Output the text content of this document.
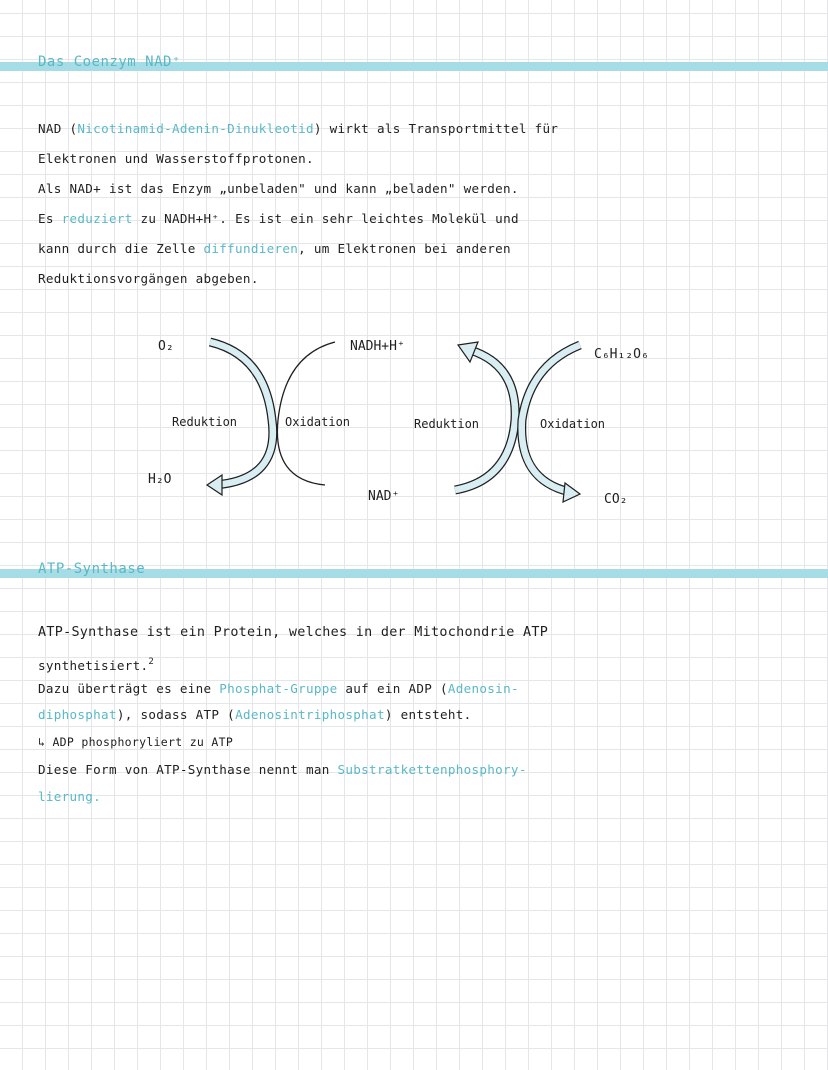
Das Coenzym NAD⁺
NAD (Nicotinamid-Adenin-Dinukleotid) wirkt als Transportmittel für
Elektronen und Wasserstoffprotonen.
Als NAD+ ist das Enzym „unbeladen" und kann „beladen" werden.
Es reduziert zu NADH+H⁺. Es ist ein sehr leichtes Molekül und
kann durch die Zelle diffundieren, um Elektronen bei anderen
Reduktionsvorgängen abgeben.
O₂
H₂O
Reduktion	Oxidation
NADH+H⁺
NAD⁺
Reduktion	Oxidation
C₆H₁₂O₆
CO₂
ATP-Synthase
ATP-Synthase ist ein Protein, welches in der Mitochondrie ATP
synthetisiert.$^2$
Dazu überträgt es eine Phosphat-Gruppe auf ein ADP (Adenosin-
diphosphat), sodass ATP (Adenosintriphosphat) entsteht.
↳ ADP phosphoryliert zu ATP
Diese Form von ATP-Synthase nennt man Substratkettenphosphory-
lierung.
